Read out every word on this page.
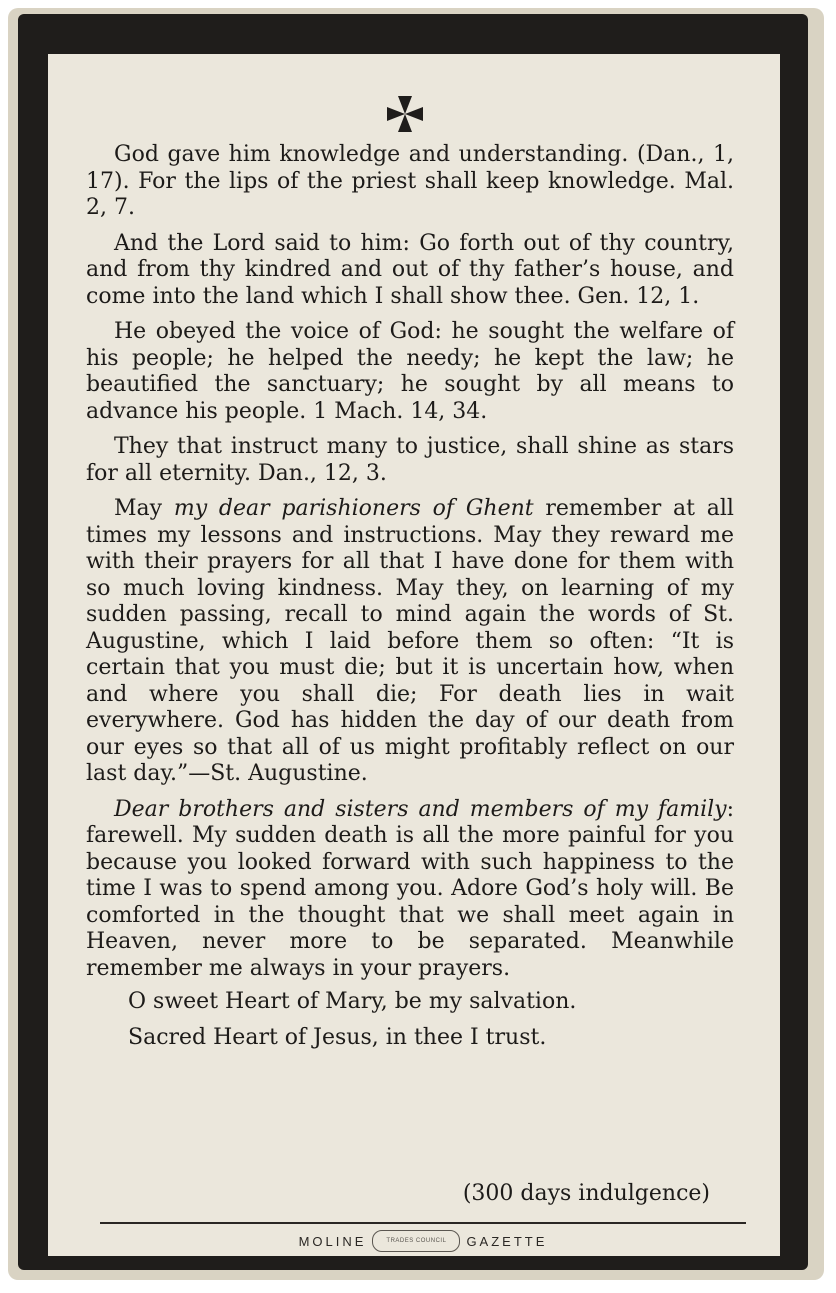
God gave him knowledge and understanding. (Dan., 1, 17). For the lips of the priest shall keep knowledge. Mal. 2, 7.

And the Lord said to him: Go forth out of thy country, and from thy kindred and out of thy father’s house, and come into the land which I shall show thee. Gen. 12, 1.

He obeyed the voice of God: he sought the welfare of his people; he helped the needy; he kept the law; he beautified the sanctuary; he sought by all means to advance his people. 1 Mach. 14, 34.

They that instruct many to justice, shall shine as stars for all eternity. Dan., 12, 3.

May my dear parishioners of Ghent remember at all times my lessons and instructions. May they reward me with their prayers for all that I have done for them with so much loving kindness. May they, on learning of my sudden passing, recall to mind again the words of St. Augustine, which I laid before them so often: “It is certain that you must die; but it is uncertain how, when and where you shall die; For death lies in wait everywhere. God has hidden the day of our death from our eyes so that all of us might profitably reflect on our last day.”—St. Augustine.

Dear brothers and sisters and members of my family: farewell. My sudden death is all the more painful for you because you looked forward with such happiness to the time I was to spend among you. Adore God’s holy will. Be comforted in the thought that we shall meet again in Heaven, never more to be separated. Meanwhile remember me always in your prayers.

O sweet Heart of Mary, be my salvation.

Sacred Heart of Jesus, in thee I trust.

(300 days indulgence)
MOLINE	TRADES COUNCIL	GAZETTE
